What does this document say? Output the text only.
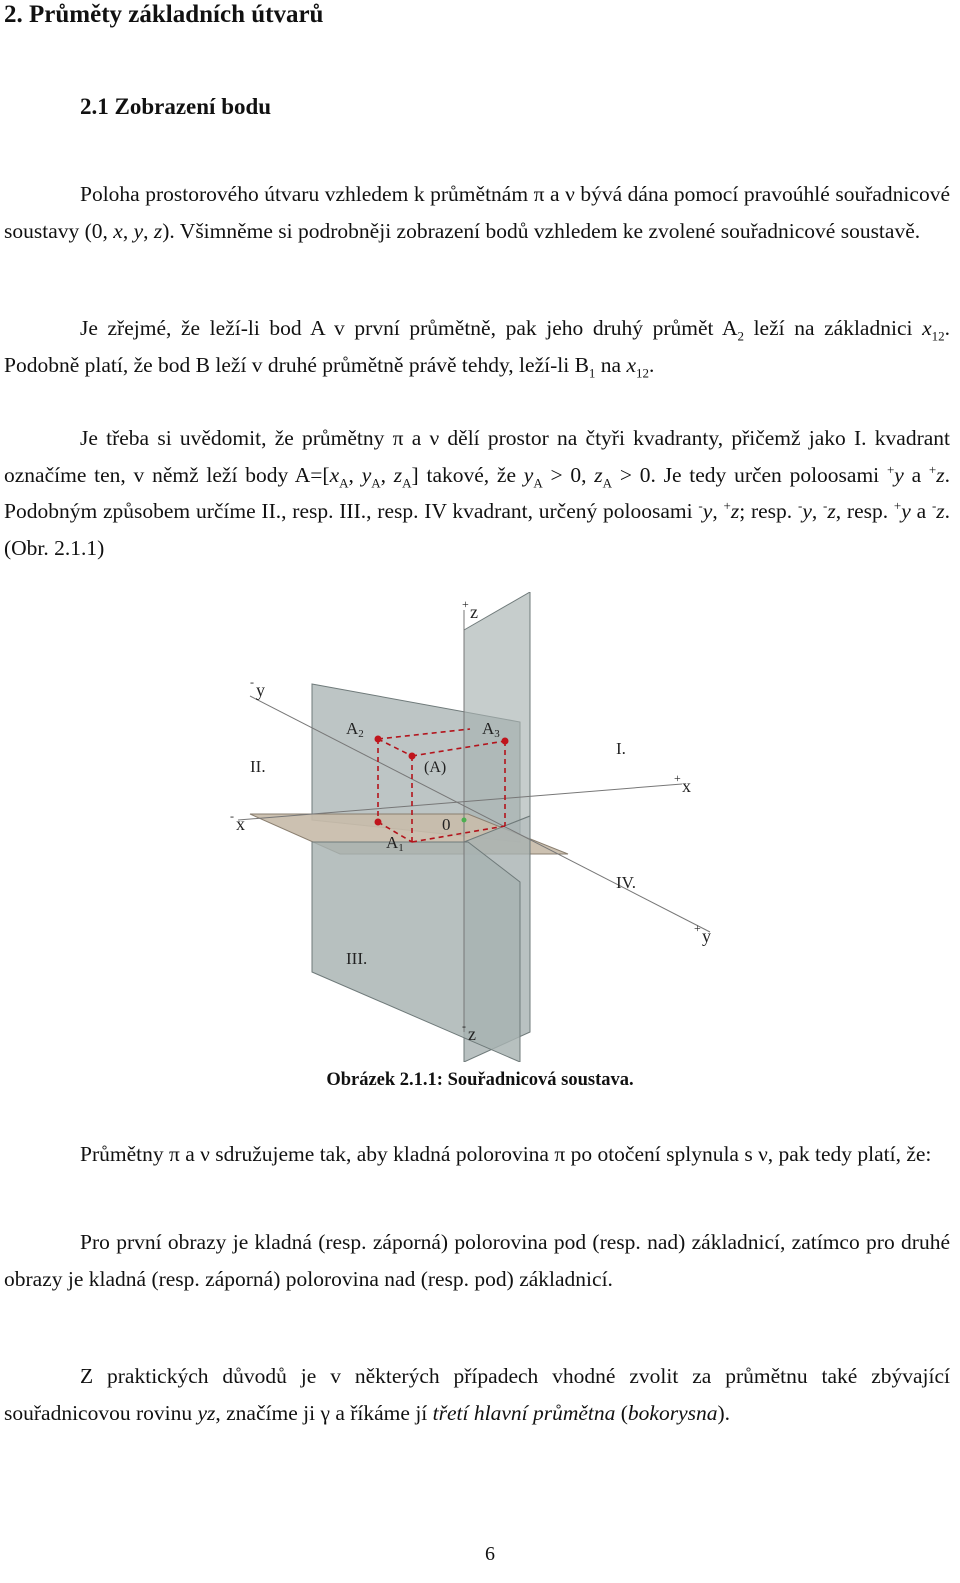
2. Průměty základních útvarů
2.1 Zobrazení bodu

Poloha prostorového útvaru vzhledem k průmětnám π a ν bývá dána pomocí pravoúhlé souřadnicové soustavy (0, x, y, z). Všimněme si podrobněji zobrazení bodů vzhledem ke zvolené souřadnicové soustavě.

Je zřejmé, že leží-li bod A v první průmětně, pak jeho druhý průmět $A_2$ leží na základnici $x_{12}$. Podobně platí, že bod B leží v druhé průmětně právě tehdy, leží-li $B_1$ na $x_{12}$.

Je třeba si uvědomit, že průmětny π a ν dělí prostor na čtyři kvadranty, přičemž jako I. kvadrant označíme ten, v němž leží body $A=[x_A$, $y_A$, $z_A$] takové, že $y_A > 0$, $z_A > 0$. Je tedy určen poloosami +y a +z. Podobným způsobem určíme II., resp. III., resp. IV kvadrant, určený poloosami -y, +z; resp. -y, -z, resp. +y a -z. (Obr. 2.1.1)

+ z
- y
- x
+ x
+ y
- z
0
I.
II.
III.
IV.
A2	A3
(A)
A1

Obrázek 2.1.1: Souřadnicová soustava.

Průmětny π a ν sdružujeme tak, aby kladná polorovina π po otočení splynula s ν, pak tedy platí, že:

Pro první obrazy je kladná (resp. záporná) polorovina pod (resp. nad) základnicí, zatímco pro druhé obrazy je kladná (resp. záporná) polorovina nad (resp. pod) základnicí.

Z praktických důvodů je v některých případech vhodné zvolit za průmětnu také zbývající souřadnicovou rovinu yz, značíme ji γ a říkáme jí třetí hlavní průmětna (bokorysna).

6
